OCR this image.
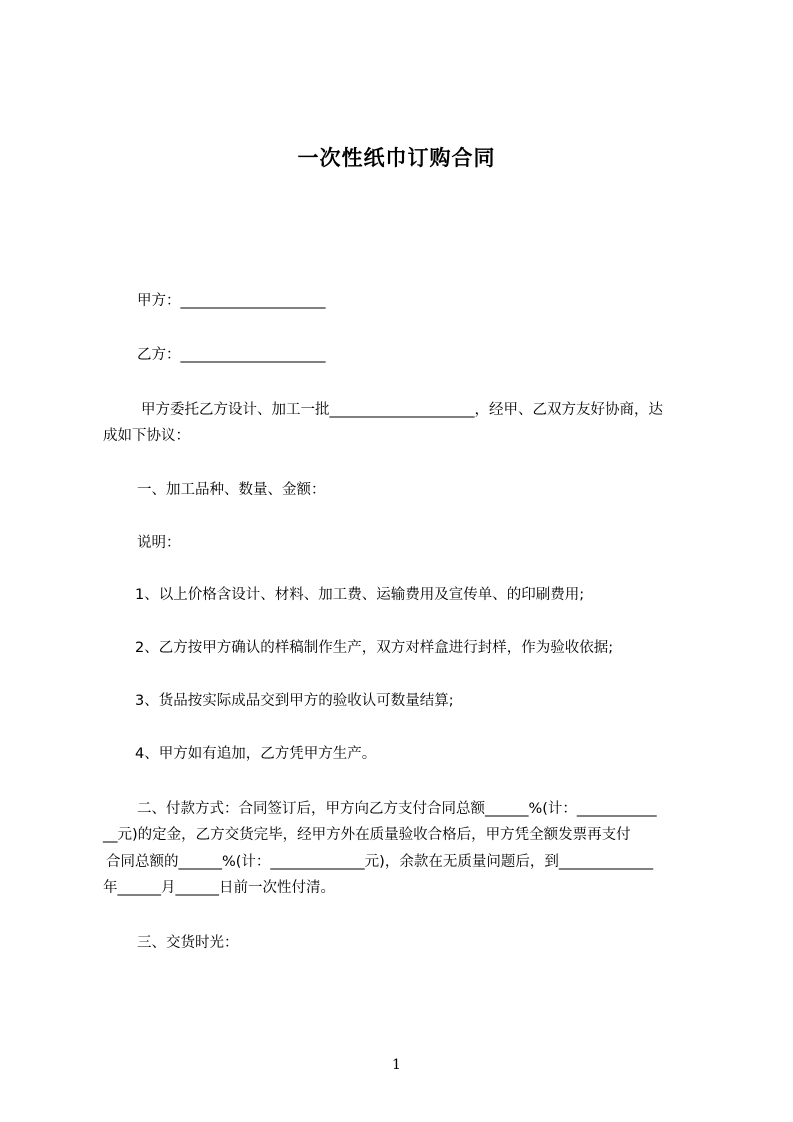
一次性纸巾订购合同
甲方：____________________
乙方：____________________
甲方委托乙方设计、加工一批____________________，经甲、乙双方友好协商，达
成如下协议：
一、加工品种、数量、金额：
说明：
1、以上价格含设计、材料、加工费、运输费用及宣传单、的印刷费用;
2、乙方按甲方确认的样稿制作生产，双方对样盒进行封样，作为验收依据;
3、货品按实际成品交到甲方的验收认可数量结算;
4、甲方如有追加，乙方凭甲方生产。
二、付款方式：合同签订后，甲方向乙方支付合同总额______%(计：___________
__元)的定金，乙方交货完毕，经甲方外在质量验收合格后，甲方凭全额发票再支付
合同总额的______%(计：_____________元)，余款在无质量问题后，到_____________
年______月______日前一次性付清。
三、交货时光：
1
